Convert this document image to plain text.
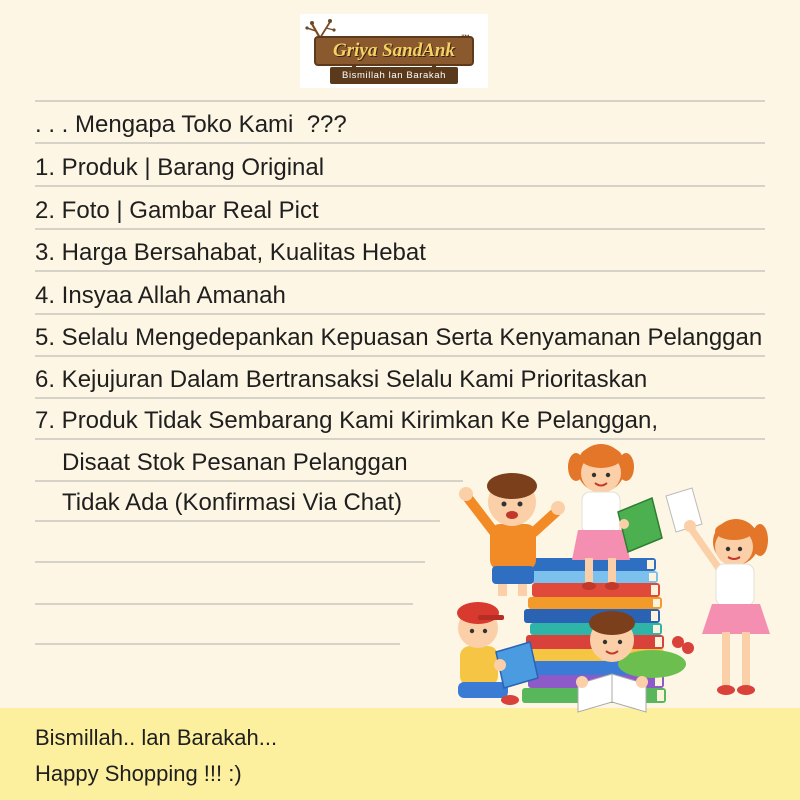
Griya SandAnk
™
Bismillah lan Barakah
. . . Mengapa Toko Kami  ???
1. Produk | Barang Original
2. Foto | Gambar Real Pict
3. Harga Bersahabat, Kualitas Hebat
4. Insyaa Allah Amanah
5. Selalu Mengedepankan Kepuasan Serta Kenyamanan Pelanggan
6. Kejujuran Dalam Bertransaksi Selalu Kami Prioritaskan
7. Produk Tidak Sembarang Kami Kirimkan Ke Pelanggan,
Disaat Stok Pesanan Pelanggan
Tidak Ada (Konfirmasi Via Chat)
Bismillah.. lan Barakah...
Happy Shopping !!! :)
